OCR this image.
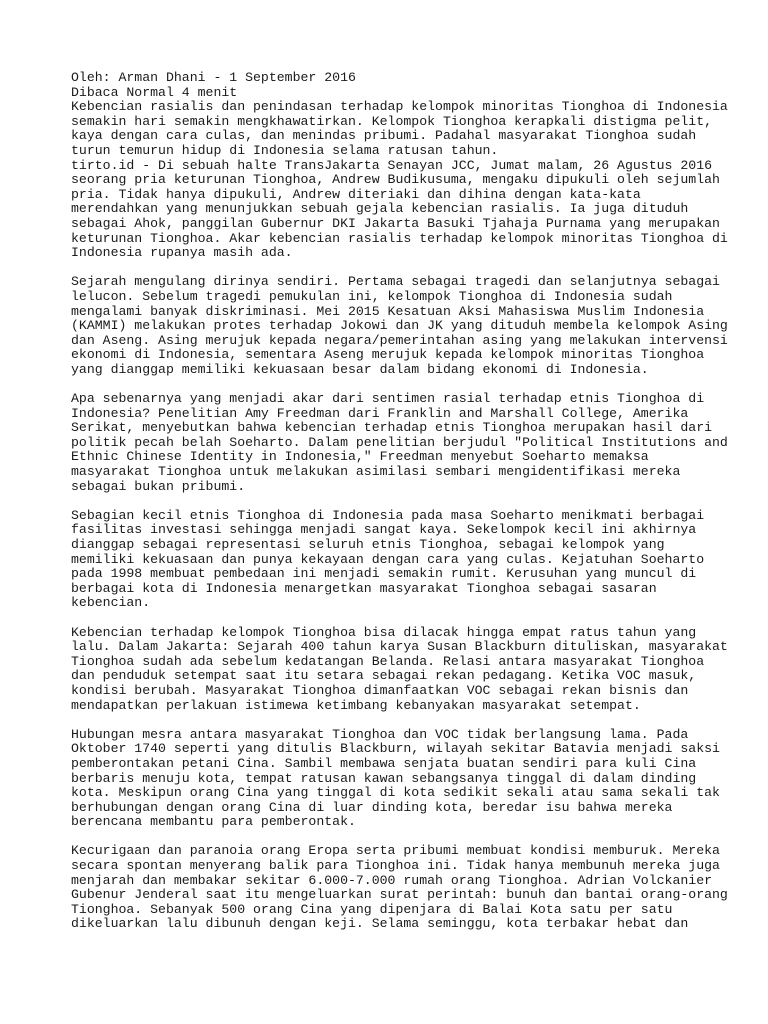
Oleh: Arman Dhani - 1 September 2016
Dibaca Normal 4 menit
Kebencian rasialis dan penindasan terhadap kelompok minoritas Tionghoa di Indonesia
semakin hari semakin mengkhawatirkan. Kelompok Tionghoa kerapkali distigma pelit,
kaya dengan cara culas, dan menindas pribumi. Padahal masyarakat Tionghoa sudah
turun temurun hidup di Indonesia selama ratusan tahun.
tirto.id - Di sebuah halte TransJakarta Senayan JCC, Jumat malam, 26 Agustus 2016
seorang pria keturunan Tionghoa, Andrew Budikusuma, mengaku dipukuli oleh sejumlah
pria. Tidak hanya dipukuli, Andrew diteriaki dan dihina dengan kata-kata
merendahkan yang menunjukkan sebuah gejala kebencian rasialis. Ia juga dituduh
sebagai Ahok, panggilan Gubernur DKI Jakarta Basuki Tjahaja Purnama yang merupakan
keturunan Tionghoa. Akar kebencian rasialis terhadap kelompok minoritas Tionghoa di
Indonesia rupanya masih ada.
Sejarah mengulang dirinya sendiri. Pertama sebagai tragedi dan selanjutnya sebagai
lelucon. Sebelum tragedi pemukulan ini, kelompok Tionghoa di Indonesia sudah
mengalami banyak diskriminasi. Mei 2015 Kesatuan Aksi Mahasiswa Muslim Indonesia
(KAMMI) melakukan protes terhadap Jokowi dan JK yang dituduh membela kelompok Asing
dan Aseng. Asing merujuk kepada negara/pemerintahan asing yang melakukan intervensi
ekonomi di Indonesia, sementara Aseng merujuk kepada kelompok minoritas Tionghoa
yang dianggap memiliki kekuasaan besar dalam bidang ekonomi di Indonesia.
Apa sebenarnya yang menjadi akar dari sentimen rasial terhadap etnis Tionghoa di
Indonesia? Penelitian Amy Freedman dari Franklin and Marshall College, Amerika
Serikat, menyebutkan bahwa kebencian terhadap etnis Tionghoa merupakan hasil dari
politik pecah belah Soeharto. Dalam penelitian berjudul "Political Institutions and
Ethnic Chinese Identity in Indonesia," Freedman menyebut Soeharto memaksa
masyarakat Tionghoa untuk melakukan asimilasi sembari mengidentifikasi mereka
sebagai bukan pribumi.
Sebagian kecil etnis Tionghoa di Indonesia pada masa Soeharto menikmati berbagai
fasilitas investasi sehingga menjadi sangat kaya. Sekelompok kecil ini akhirnya
dianggap sebagai representasi seluruh etnis Tionghoa, sebagai kelompok yang
memiliki kekuasaan dan punya kekayaan dengan cara yang culas. Kejatuhan Soeharto
pada 1998 membuat pembedaan ini menjadi semakin rumit. Kerusuhan yang muncul di
berbagai kota di Indonesia menargetkan masyarakat Tionghoa sebagai sasaran
kebencian.
Kebencian terhadap kelompok Tionghoa bisa dilacak hingga empat ratus tahun yang
lalu. Dalam Jakarta: Sejarah 400 tahun karya Susan Blackburn dituliskan, masyarakat
Tionghoa sudah ada sebelum kedatangan Belanda. Relasi antara masyarakat Tionghoa
dan penduduk setempat saat itu setara sebagai rekan pedagang. Ketika VOC masuk,
kondisi berubah. Masyarakat Tionghoa dimanfaatkan VOC sebagai rekan bisnis dan
mendapatkan perlakuan istimewa ketimbang kebanyakan masyarakat setempat.
Hubungan mesra antara masyarakat Tionghoa dan VOC tidak berlangsung lama. Pada
Oktober 1740 seperti yang ditulis Blackburn, wilayah sekitar Batavia menjadi saksi
pemberontakan petani Cina. Sambil membawa senjata buatan sendiri para kuli Cina
berbaris menuju kota, tempat ratusan kawan sebangsanya tinggal di dalam dinding
kota. Meskipun orang Cina yang tinggal di kota sedikit sekali atau sama sekali tak
berhubungan dengan orang Cina di luar dinding kota, beredar isu bahwa mereka
berencana membantu para pemberontak.
Kecurigaan dan paranoia orang Eropa serta pribumi membuat kondisi memburuk. Mereka
secara spontan menyerang balik para Tionghoa ini. Tidak hanya membunuh mereka juga
menjarah dan membakar sekitar 6.000-7.000 rumah orang Tionghoa. Adrian Volckanier
Gubenur Jenderal saat itu mengeluarkan surat perintah: bunuh dan bantai orang-orang
Tionghoa. Sebanyak 500 orang Cina yang dipenjara di Balai Kota satu per satu
dikeluarkan lalu dibunuh dengan keji. Selama seminggu, kota terbakar hebat dan
